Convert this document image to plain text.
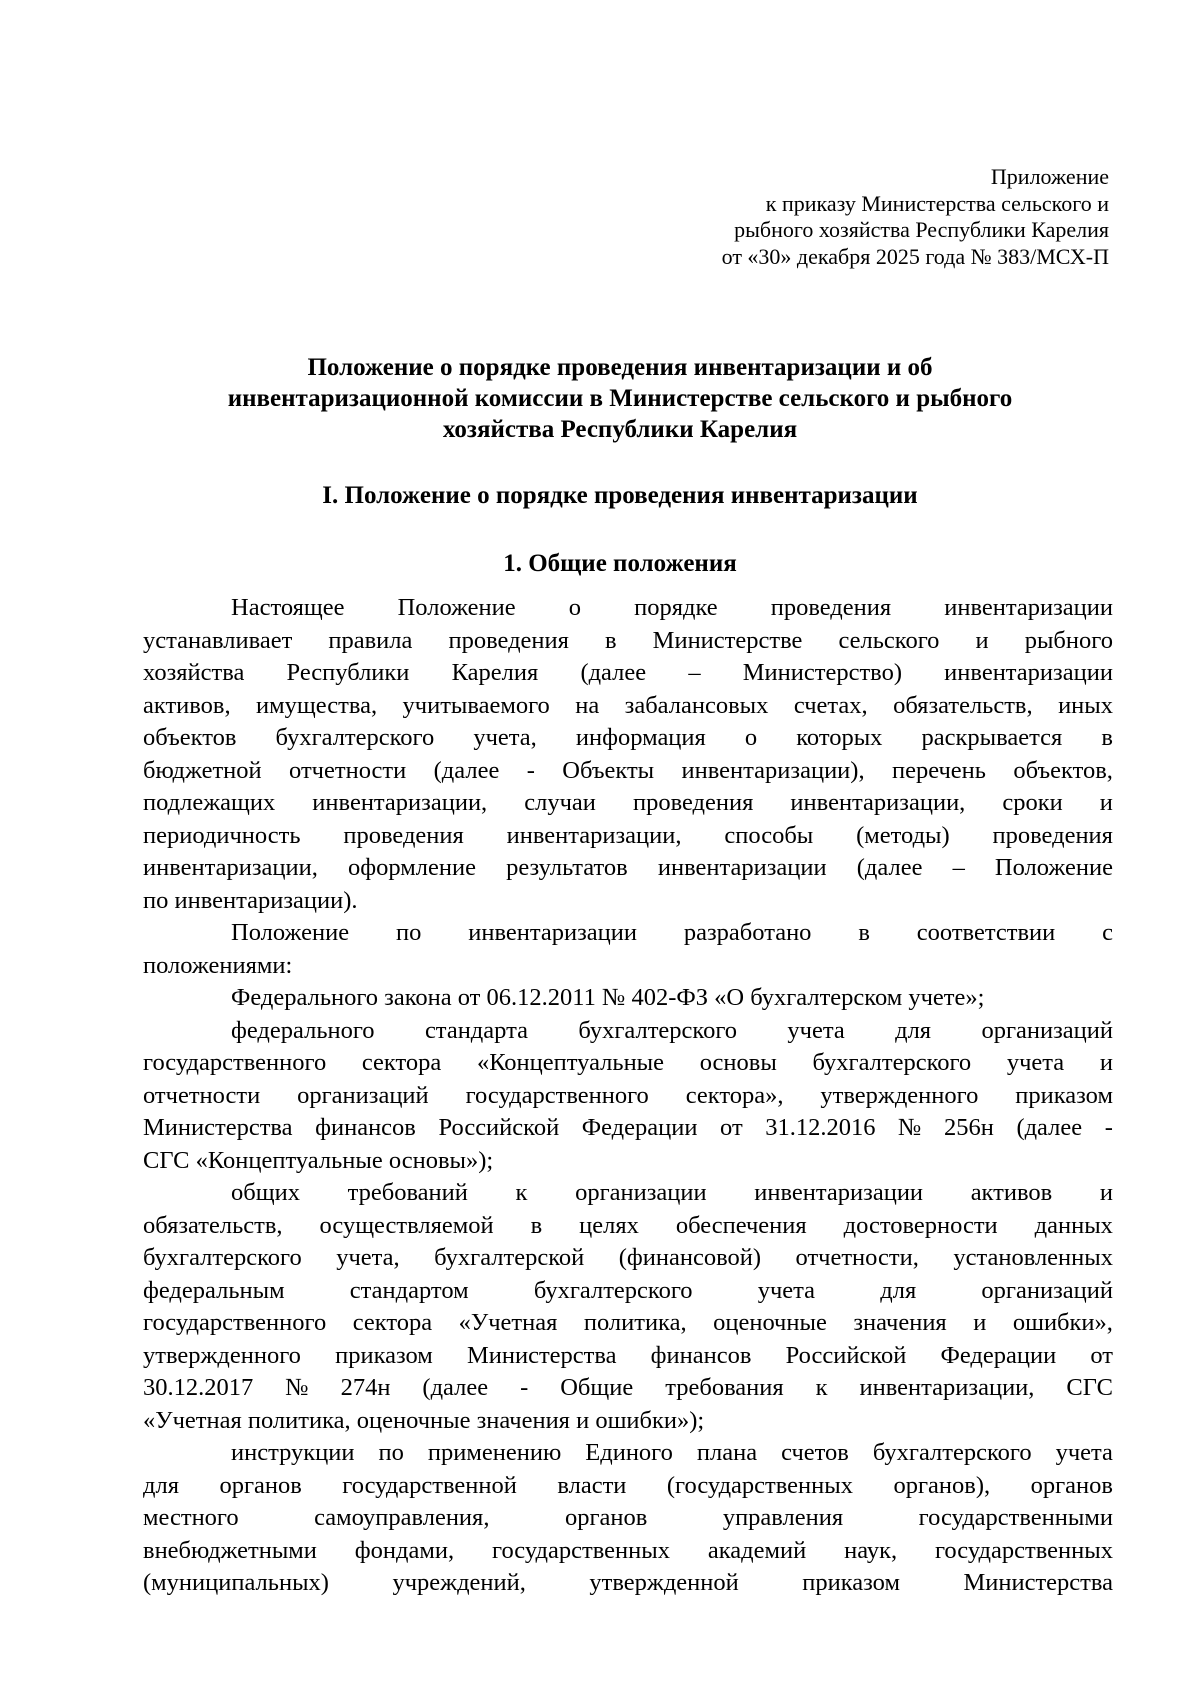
Приложение
к приказу Министерства сельского и
рыбного хозяйства Республики Карелия
от «30» декабря 2025 года № 383/МСХ-П
Положение о порядке проведения инвентаризации и об
инвентаризационной комиссии в Министерстве сельского и рыбного
хозяйства Республики Карелия
I. Положение о порядке проведения инвентаризации
1. Общие положения
Настоящее Положение о порядке проведения инвентаризации
устанавливает правила проведения в Министерстве сельского и рыбного
хозяйства Республики Карелия (далее – Министерство) инвентаризации
активов, имущества, учитываемого на забалансовых счетах, обязательств, иных
объектов бухгалтерского учета, информация о которых раскрывается в
бюджетной отчетности (далее - Объекты инвентаризации), перечень объектов,
подлежащих инвентаризации, случаи проведения инвентаризации, сроки и
периодичность проведения инвентаризации, способы (методы) проведения
инвентаризации, оформление результатов инвентаризации (далее – Положение
по инвентаризации).
Положение по инвентаризации разработано в соответствии с
положениями:
Федерального закона от 06.12.2011 № 402-ФЗ «О бухгалтерском учете»;
федерального стандарта бухгалтерского учета для организаций
государственного сектора «Концептуальные основы бухгалтерского учета и
отчетности организаций государственного сектора», утвержденного приказом
Министерства финансов Российской Федерации от 31.12.2016 № 256н (далее -
СГС «Концептуальные основы»);
общих требований к организации инвентаризации активов и
обязательств, осуществляемой в целях обеспечения достоверности данных
бухгалтерского учета, бухгалтерской (финансовой) отчетности, установленных
федеральным	стандартом	бухгалтерского	учета	для	организаций
государственного сектора «Учетная политика, оценочные значения и ошибки»,
утвержденного приказом Министерства финансов Российской Федерации от
30.12.2017 № 274н (далее - Общие требования к инвентаризации, СГС
«Учетная политика, оценочные значения и ошибки»);
инструкции по применению Единого плана счетов бухгалтерского учета
для органов государственной власти (государственных органов), органов
местного	самоуправления,	органов	управления	государственными
внебюджетными фондами, государственных академий наук, государственных
(муниципальных)	учреждений,	утвержденной	приказом	Министерства
